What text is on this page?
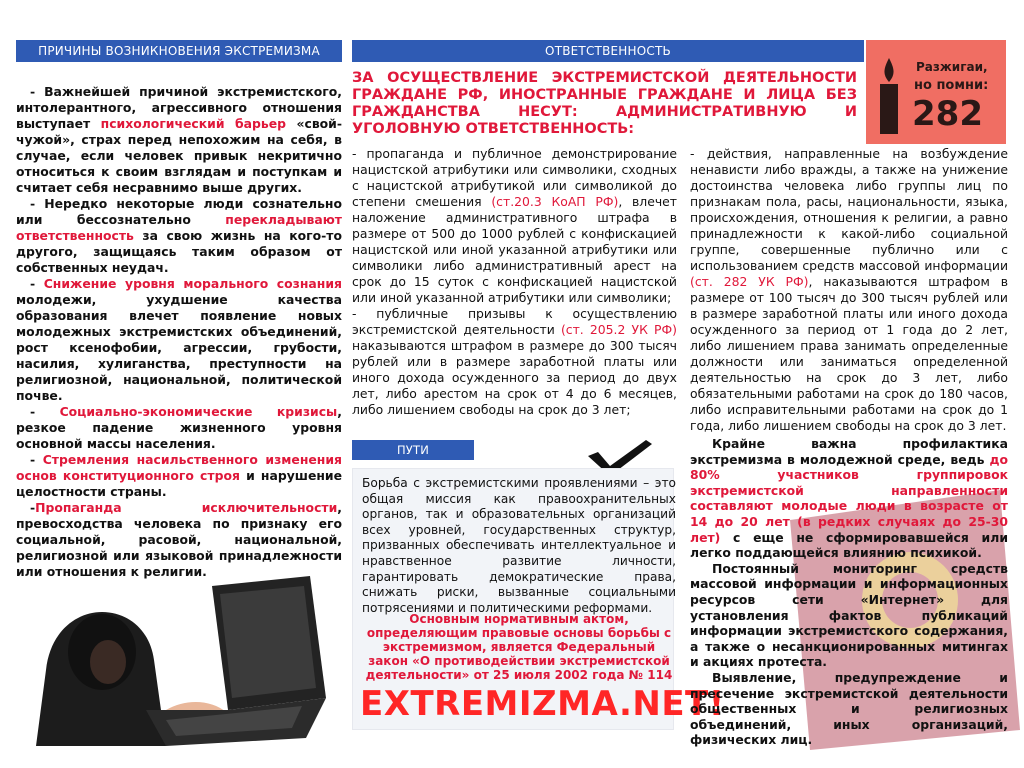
ПРИЧИНЫ ВОЗНИКНОВЕНИЯ ЭКСТРЕМИЗМА	ОТВЕТСТВЕННОСТЬ
ПУТИ
Разжигаи,
но помни:
282

- Важнейшей причиной экстремистского, интолерантного, агрессивного отношения выступает психологический барьер «свой-чужой», страх перед непохожим на себя, в случае, если человек привык некритично относиться к своим взглядам и поступкам и считает себя несравнимо выше других.

- Нередко некоторые люди сознательно или бессознательно перекладывают ответственность за свою жизнь на кого-то другого, защищаясь таким образом от собственных неудач.

- Снижение уровня морального сознания молодежи, ухудшение качества образования влечет появление новых молодежных экстремистских объединений, рост ксенофобии, агрессии, грубости, насилия, хулиганства, преступности на религиозной, национальной, политической почве.

- Социально-экономические кризисы, резкое падение жизненного уровня основной массы населения.

- Стремления насильственного изменения основ конституционного строя и нарушение целостности страны.

-Пропаганда исключительности, превосходства человека по признаку его социальной, расовой, национальной, религиозной или языковой принадлежности или отношения к религии.

ЗА ОСУЩЕСТВЛЕНИЕ ЭКСТРЕМИСТСКОЙ ДЕЯТЕЛЬНОСТИ ГРАЖДАНЕ РФ, ИНОСТРАННЫЕ ГРАЖДАНЕ И ЛИЦА БЕЗ ГРАЖДАНСТВА НЕСУТ: АДМИНИСТРАТИВНУЮ И УГОЛОВНУЮ ОТВЕТСТВЕННОСТЬ:

- пропаганда и публичное демонстрирование нацистской атрибутики или символики, сходных с нацистской атрибутикой или символикой до степени смешения (ст.20.3 КоАП РФ), влечет наложение административного штрафа в размере от 500 до 1000 рублей с конфискацией нацистской или иной указанной атрибутики или символики либо административный арест на срок до 15 суток с конфискацией нацистской или иной указанной атрибутики или символики;

- публичные призывы к осуществлению экстремистской деятельности (ст. 205.2 УК РФ) наказываются штрафом в размере до 300 тысяч рублей или в размере заработной платы или иного дохода осужденного за период до двух лет, либо арестом на срок от 4 до 6 месяцев, либо лишением свободы на срок до 3 лет;

- действия, направленные на возбуждение ненависти либо вражды, а также на унижение достоинства человека либо группы лиц по признакам пола, расы, национальности, языка, происхождения, отношения к религии, а равно принадлежности к какой-либо социальной группе, совершенные публично или с использованием средств массовой информации (ст. 282 УК РФ), наказываются штрафом в размере от 100 тысяч до 300 тысяч рублей или в размере заработной платы или иного дохода осужденного за период от 1 года до 2 лет, либо лишением права занимать определенные должности или заниматься определенной деятельностью на срок до 3 лет, либо обязательными работами на срок до 180 часов, либо исправительными работами на срок до 1 года, либо лишением свободы на срок до 3 лет.

Борьба с экстремистскими проявлениями – это общая миссия как правоохранительных органов, так и образовательных организаций всех уровней, государственных структур, призванных обеспечивать интеллектуальное и нравственное развитие личности, гарантировать демократические права, снижать риски, вызванные социальными потрясениями и политическими реформами.
Основным нормативным актом, определяющим правовые основы борьбы с экстремизмом, является Федеральный закон «О противодействии экстремистской деятельности» от 25 июля 2002 года № 114
EXTREMIZMA.NET!

Крайне важна профилактика экстремизма в молодежной среде, ведь до 80% участников группировок экстремистской направленности составляют молодые люди в возрасте от 14 до 20 лет (в редких случаях до 25-30 лет) с еще не сформировавшейся или легко поддающейся влиянию психикой.

Постоянный мониторинг средств массовой информации и информационных ресурсов сети «Интернет» для установления фактов публикаций информации экстремистского содержания, а также о несанкционированных митингах и акциях протеста.

Выявление, предупреждение и пресечение экстремистской деятельности общественных и религиозных объединений, иных организаций, физических лиц.
